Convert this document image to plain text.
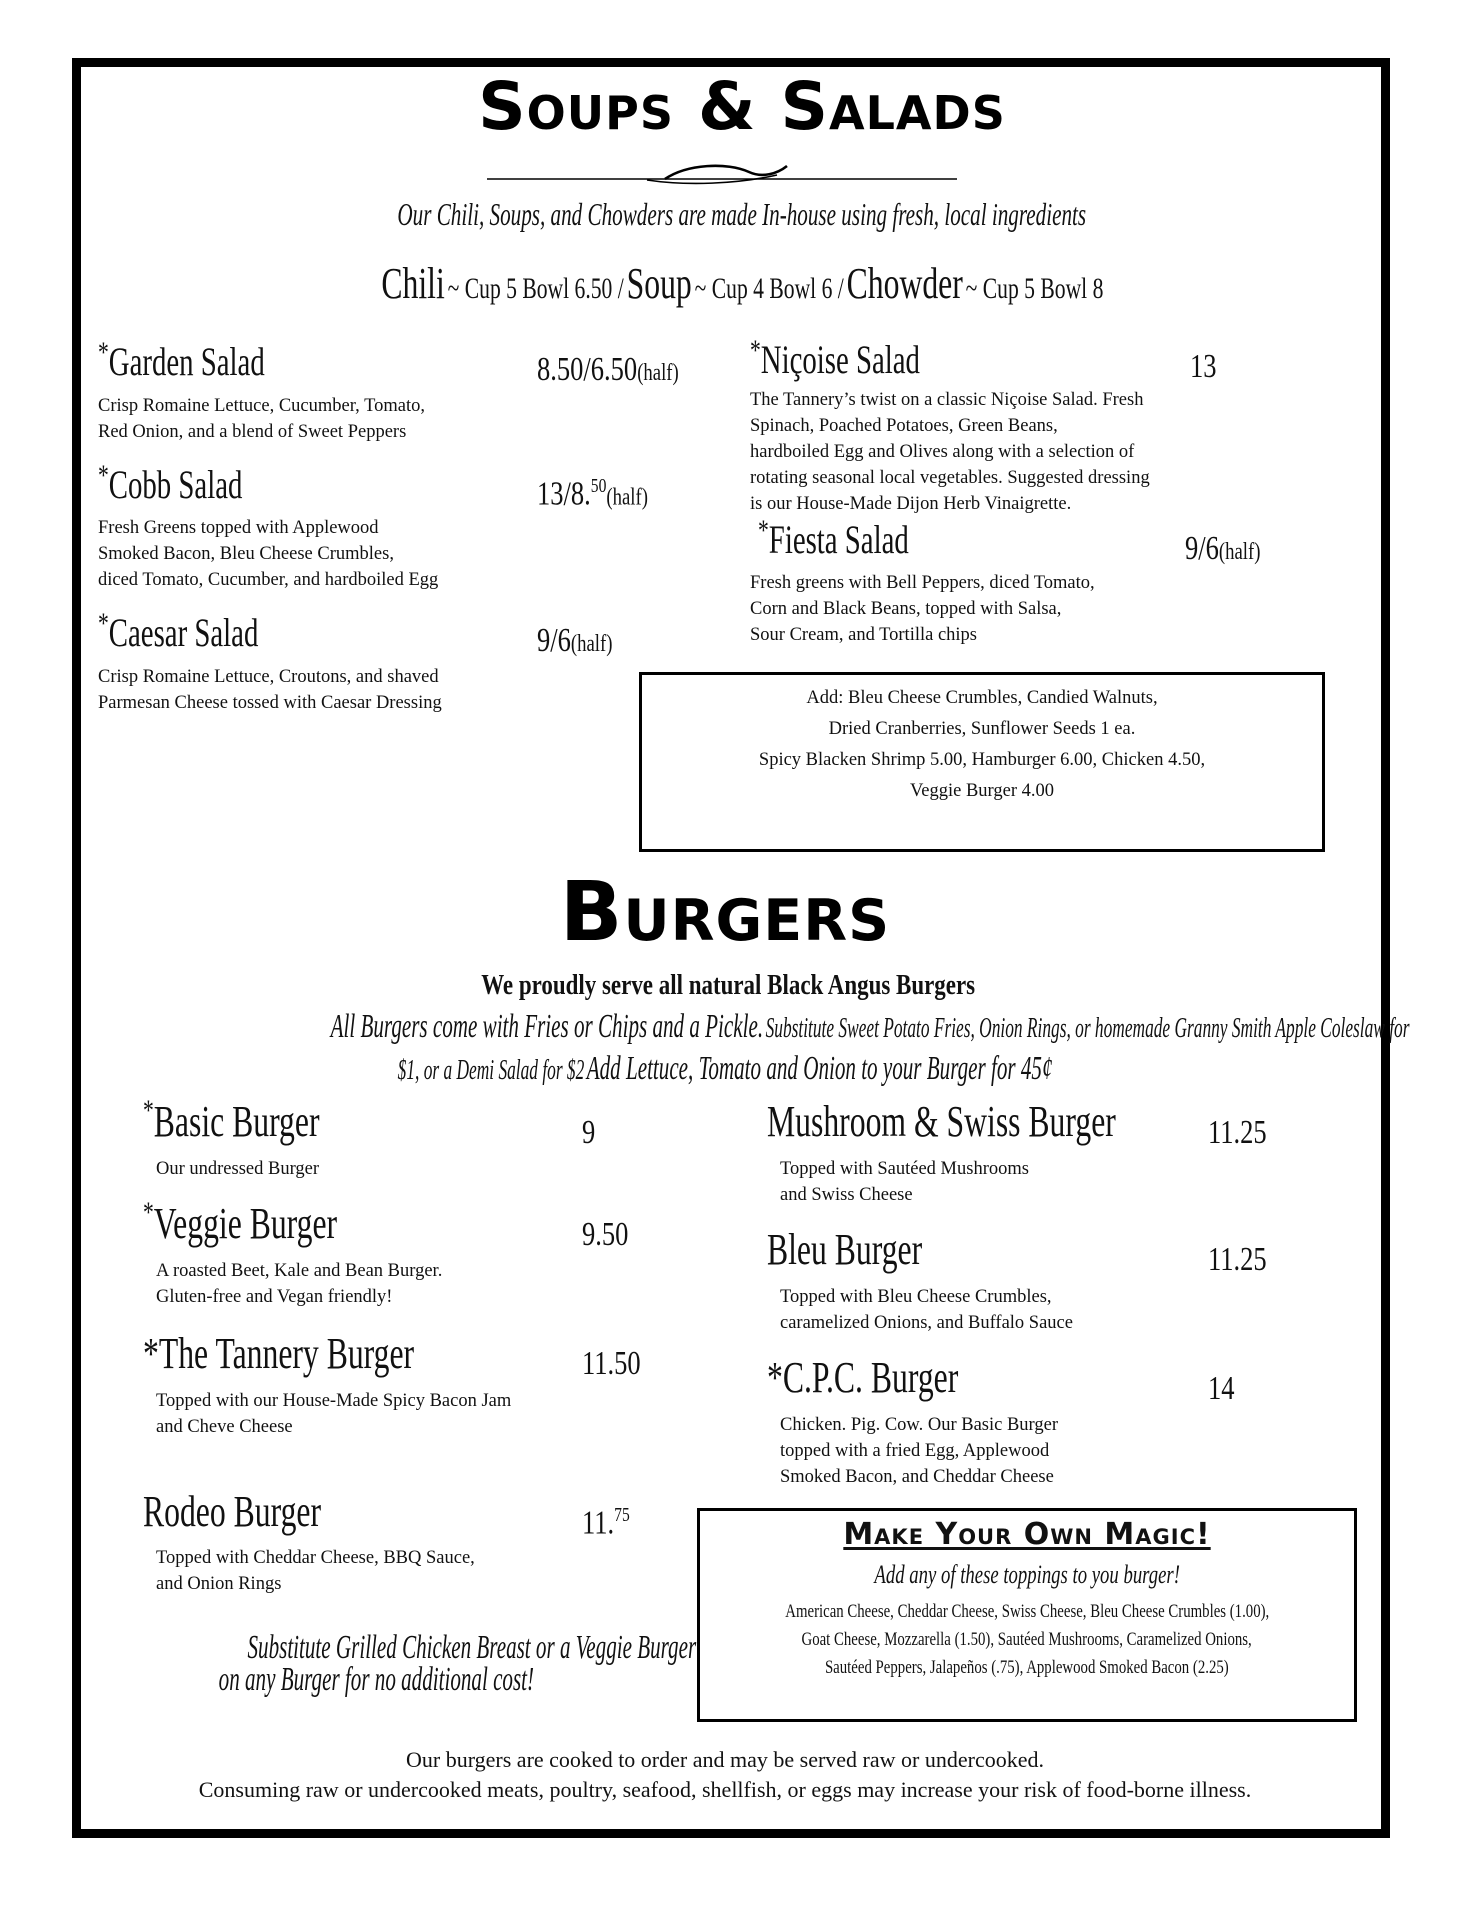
Soups & Salads
Our Chili, Soups, and Chowders are made In-house using fresh, local ingredients
Chili ~ Cup 5 Bowl 6.50 / Soup ~ Cup 4 Bowl 6 / Chowder ~ Cup 5 Bowl 8
*Garden Salad	8.50/6.50(half)
Crisp Romaine Lettuce, Cucumber, Tomato,
Red Onion, and a blend of Sweet Peppers
*Cobb Salad	13/8.50(half)
Fresh Greens topped with Applewood
Smoked Bacon, Bleu Cheese Crumbles,
diced Tomato, Cucumber, and hardboiled Egg
*Caesar Salad	9/6(half)
Crisp Romaine Lettuce, Croutons, and shaved
Parmesan Cheese tossed with Caesar Dressing
*Niçoise Salad	13
The Tannery’s twist on a classic Niçoise Salad. Fresh
Spinach, Poached Potatoes, Green Beans,
hardboiled Egg and Olives along with a selection of
rotating seasonal local vegetables. Suggested dressing
is our House-Made Dijon Herb Vinaigrette.
*Fiesta Salad	9/6(half)
Fresh greens with Bell Peppers, diced Tomato,
Corn and Black Beans, topped with Salsa,
Sour Cream, and Tortilla chips
Add: Bleu Cheese Crumbles, Candied Walnuts,
Dried Cranberries, Sunflower Seeds 1 ea.
Spicy Blacken Shrimp 5.00, Hamburger 6.00, Chicken 4.50,
Veggie Burger 4.00
Burgers
We proudly serve all natural Black Angus Burgers
All Burgers come with Fries or Chips and a Pickle. Substitute Sweet Potato Fries, Onion Rings, or homemade Granny Smith Apple Coleslaw for
$1, or a Demi Salad for $2 Add Lettuce, Tomato and Onion to your Burger for 45¢
*Basic Burger	9
Our undressed Burger
*Veggie Burger	9.50
A roasted Beet, Kale and Bean Burger.
Gluten-free and Vegan friendly!
*The Tannery Burger	11.50
Topped with our House-Made Spicy Bacon Jam
and Cheve Cheese
Rodeo Burger	11.75
Topped with Cheddar Cheese, BBQ Sauce,
and Onion Rings
Mushroom & Swiss Burger	11.25
Topped with Sautéed Mushrooms
and Swiss Cheese
Bleu Burger	11.25
Topped with Bleu Cheese Crumbles,
caramelized Onions, and Buffalo Sauce
*C.P.C. Burger	14
Chicken. Pig. Cow. Our Basic Burger
topped with a fried Egg, Applewood
Smoked Bacon, and Cheddar Cheese
Substitute Grilled Chicken Breast or a Veggie Burger
on any Burger for no additional cost!
Make Your Own Magic!
Add any of these toppings to you burger!
American Cheese, Cheddar Cheese, Swiss Cheese, Bleu Cheese Crumbles (1.00),
Goat Cheese, Mozzarella (1.50), Sautéed Mushrooms, Caramelized Onions,
Sautéed Peppers, Jalapeños (.75), Applewood Smoked Bacon (2.25)
Our burgers are cooked to order and may be served raw or undercooked.
Consuming raw or undercooked meats, poultry, seafood, shellfish, or eggs may increase your risk of food-borne illness.
